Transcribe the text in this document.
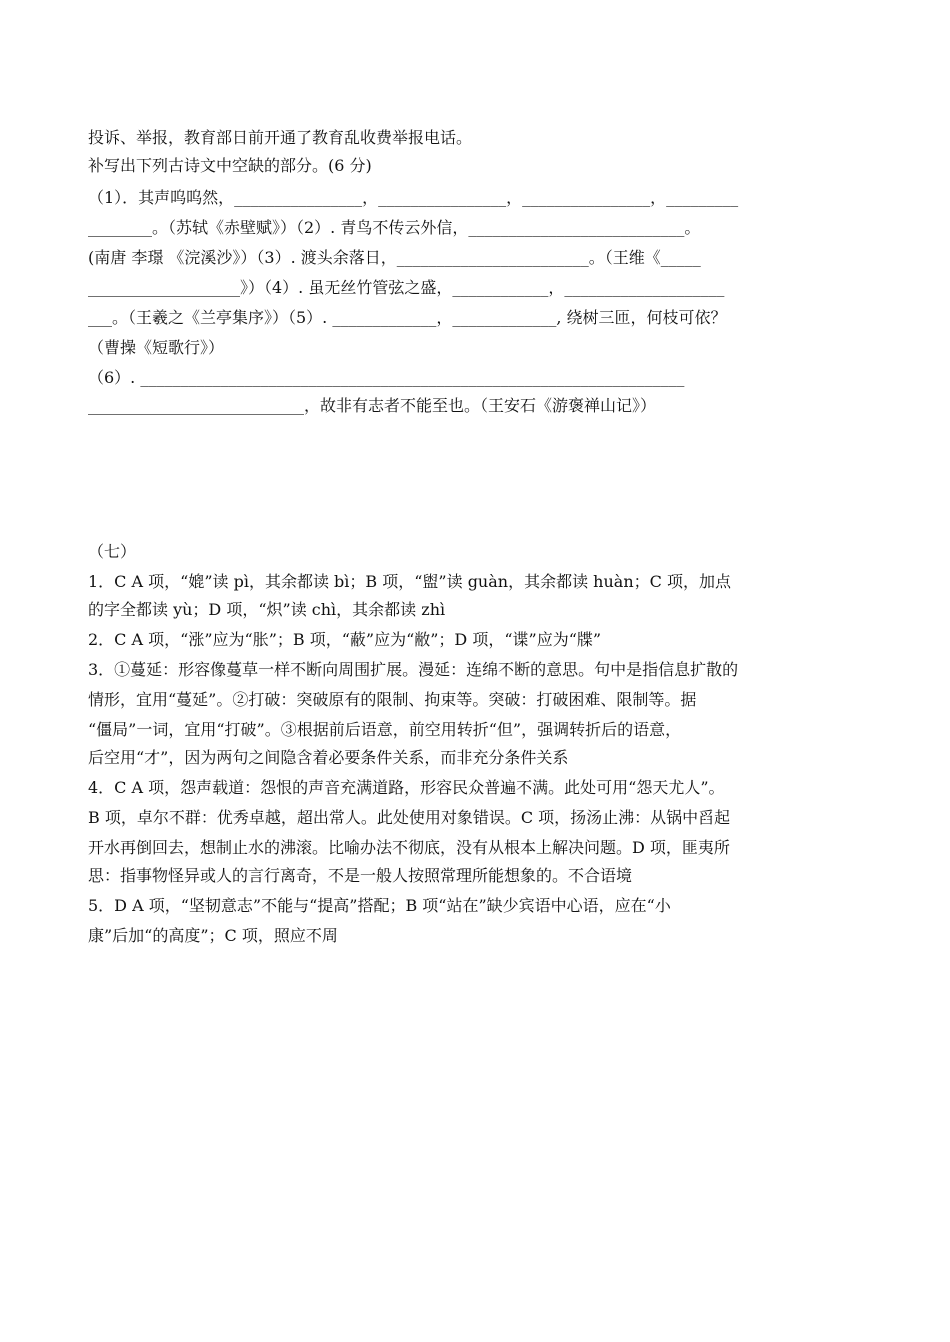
投诉、举报，教育部日前开通了教育乱收费举报电话。
补写出下列古诗文中空缺的部分。(6 分)
（1）．其声呜呜然，________________，________________，________________，_________
________。（苏轼《赤壁赋》）（2）. 青鸟不传云外信，___________________________。
(南唐 李璟 《浣溪沙》）（3）. 渡头余落日，________________________。（王维《_____
___________________》）（4）. 虽无丝竹管弦之盛，____________，____________________
___。（王羲之《兰亭集序》）（5）. _____________，_____________, 绕树三匝，何枝可依？
（曹操《短歌行》）
（6）. ____________________________________________________________________
___________________________，故非有志者不能至也。（王安石《游褒禅山记》）
（七）
1．C A 项，“媲”读 pì，其余都读 bì；B 项，“盥”读 guàn，其余都读 huàn；C 项，加点
的字全都读 yù；D 项，“炽”读 chì，其余都读 zhì
2．C A 项，“涨”应为“胀”；B 项，“蔽”应为“敝”；D 项，“谍”应为“牒”
3．①蔓延：形容像蔓草一样不断向周围扩展。漫延：连绵不断的意思。句中是指信息扩散的
情形，宜用“蔓延”。②打破：突破原有的限制、拘束等。突破：打破困难、限制等。据
“僵局”一词，宜用“打破”。③根据前后语意，前空用转折“但”，强调转折后的语意，
后空用“才”，因为两句之间隐含着必要条件关系，而非充分条件关系
4．C A 项，怨声载道：怨恨的声音充满道路，形容民众普遍不满。此处可用“怨天尤人”。
B 项，卓尔不群：优秀卓越，超出常人。此处使用对象错误。C 项，扬汤止沸：从锅中舀起
开水再倒回去，想制止水的沸滚。比喻办法不彻底，没有从根本上解决问题。D 项，匪夷所
思：指事物怪异或人的言行离奇，不是一般人按照常理所能想象的。不合语境
5．D A 项，“坚韧意志”不能与“提高”搭配；B 项“站在”缺少宾语中心语，应在“小
康”后加“的高度”；C 项，照应不周
